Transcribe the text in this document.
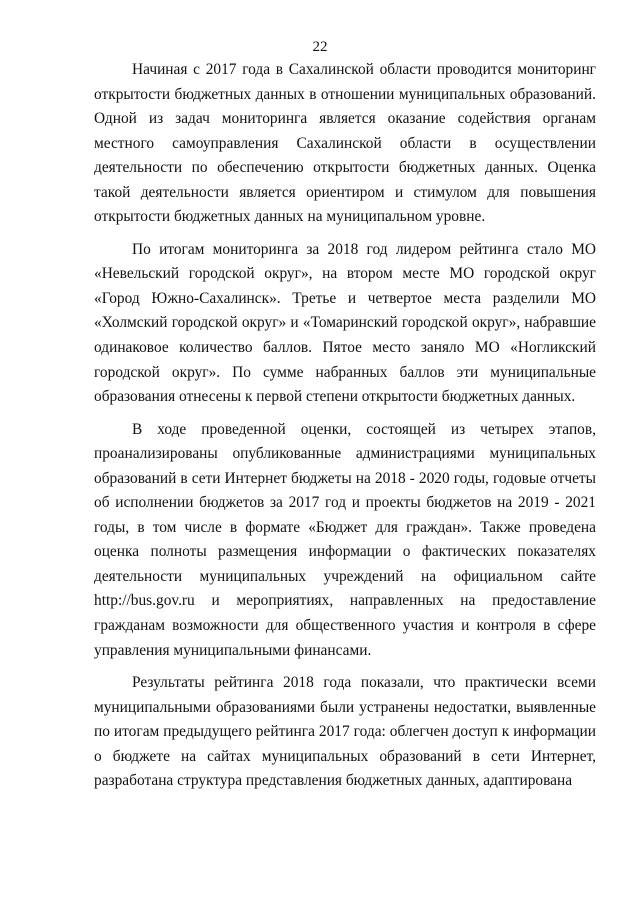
22

Начиная с 2017 года в Сахалинской области проводится мониторинг открытости бюджетных данных в отношении муниципальных образований. Одной из задач мониторинга является оказание содействия органам местного самоуправления Сахалинской области в осуществлении деятельности по обеспечению открытости бюджетных данных. Оценка такой деятельности является ориентиром и стимулом для повышения открытости бюджетных данных на муниципальном уровне.

По итогам мониторинга за 2018 год лидером рейтинга стало МО «Невельский городской округ», на втором месте МО городской округ «Город Южно-Сахалинск». Третье и четвертое места разделили МО «Холмский городской округ» и «Томаринский городской округ», набравшие одинаковое количество баллов. Пятое место заняло МО «Ногликский городской округ». По сумме набранных баллов эти муниципальные образования отнесены к первой степени открытости бюджетных данных.

В ходе проведенной оценки, состоящей из четырех этапов, проанализированы опубликованные администрациями муниципальных образований в сети Интернет бюджеты на 2018 - 2020 годы, годовые отчеты об исполнении бюджетов за 2017 год и проекты бюджетов на 2019 - 2021 годы, в том числе в формате «Бюджет для граждан». Также проведена оценка полноты размещения информации о фактических показателях деятельности муниципальных учреждений на официальном сайте http://bus.gov.ru и мероприятиях, направленных на предоставление гражданам возможности для общественного участия и контроля в сфере управления муниципальными финансами.

Результаты рейтинга 2018 года показали, что практически всеми муниципальными образованиями были устранены недостатки, выявленные по итогам предыдущего рейтинга 2017 года: облегчен доступ к информации о бюджете на сайтах муниципальных образований в сети Интернет, разработана структура представления бюджетных данных, адаптирована
